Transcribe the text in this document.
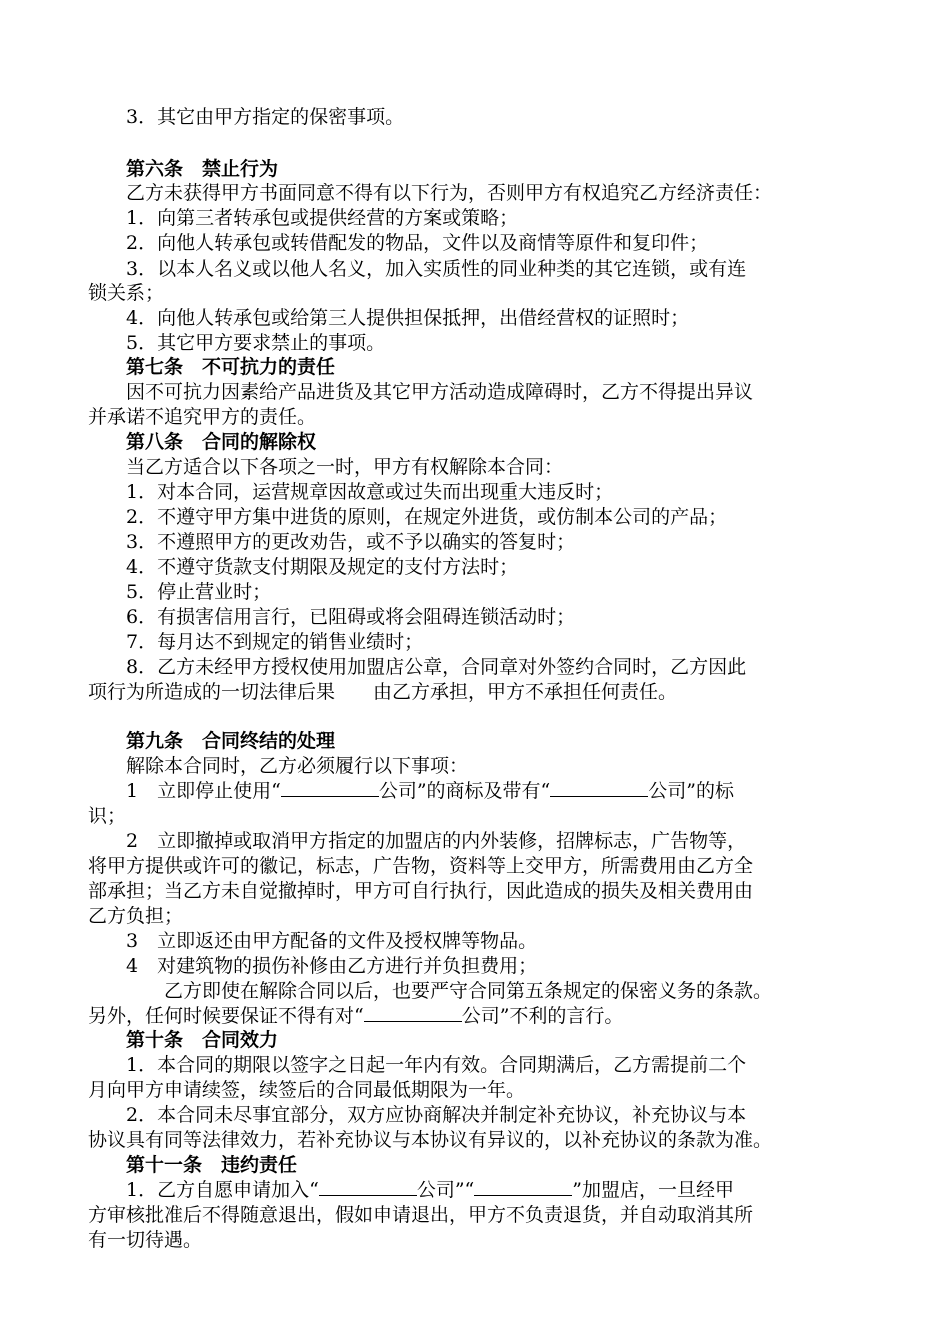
　　3．其它由甲方指定的保密事项。
　　第六条　禁止行为
　　乙方未获得甲方书面同意不得有以下行为，否则甲方有权追究乙方经济责任：
　　1．向第三者转承包或提供经营的方案或策略；
　　2．向他人转承包或转借配发的物品，文件以及商情等原件和复印件；
　　3．以本人名义或以他人名义，加入实质性的同业种类的其它连锁，或有连
锁关系；
　　4．向他人转承包或给第三人提供担保抵押，出借经营权的证照时；
　　5．其它甲方要求禁止的事项。
　　第七条　不可抗力的责任
　　因不可抗力因素给产品进货及其它甲方活动造成障碍时，乙方不得提出异议
并承诺不追究甲方的责任。
　　第八条　合同的解除权
　　当乙方适合以下各项之一时，甲方有权解除本合同：
　　1．对本合同，运营规章因故意或过失而出现重大违反时；
　　2．不遵守甲方集中进货的原则，在规定外进货，或仿制本公司的产品；
　　3．不遵照甲方的更改劝告，或不予以确实的答复时；
　　4．不遵守货款支付期限及规定的支付方法时；
　　5．停止营业时；
　　6．有损害信用言行，已阻碍或将会阻碍连锁活动时；
　　7．每月达不到规定的销售业绩时；
　　8．乙方未经甲方授权使用加盟店公章，合同章对外签约合同时，乙方因此
项行为所造成的一切法律后果　　由乙方承担，甲方不承担任何责任。
　　第九条　合同终结的处理
　　解除本合同时，乙方必须履行以下事项：
　　1　立即停止使用“	公司”的商标及带有“	公司”的标
识；
　　2　立即撤掉或取消甲方指定的加盟店的内外装修，招牌标志，广告物等，
将甲方提供或许可的徽记，标志，广告物，资料等上交甲方，所需费用由乙方全
部承担；当乙方未自觉撤掉时，甲方可自行执行，因此造成的损失及相关费用由
乙方负担；
　　3　立即返还由甲方配备的文件及授权牌等物品。
　　4　对建筑物的损伤补修由乙方进行并负担费用；
　　　　乙方即使在解除合同以后，也要严守合同第五条规定的保密义务的条款。
另外，任何时候要保证不得有对“	公司”不利的言行。
　　第十条　合同效力
　　1．本合同的期限以签字之日起一年内有效。合同期满后，乙方需提前二个
月向甲方申请续签，续签后的合同最低期限为一年。
　　2．本合同未尽事宜部分，双方应协商解决并制定补充协议，补充协议与本
协议具有同等法律效力，若补充协议与本协议有异议的，以补充协议的条款为准。
　　第十一条　违约责任
　　1．乙方自愿申请加入“	公司”“	”加盟店，一旦经甲
方审核批准后不得随意退出，假如申请退出，甲方不负责退货，并自动取消其所
有一切待遇。
